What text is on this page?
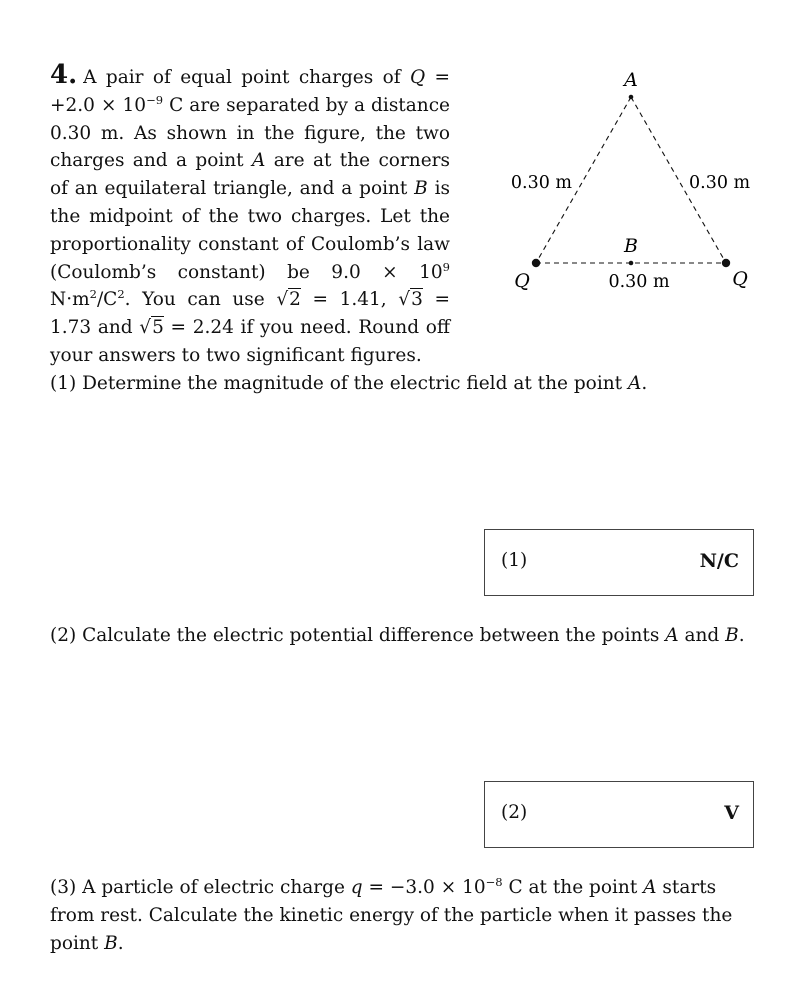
4. A pair of equal point charges of $Q = +2.0 \times 10^{-9}$ C are separated by a distance 0.30 m. As shown in the figure, the two charges and a point A are at the corners of an equilateral triangle, and a point B is the midpoint of the two charges. Let the proportionality constant of Coulomb’s law (Coulomb’s constant) be $9.0 \times 10^9$ $N\cdot m^2/C^2$. You can use √2 = 1.41, √3 = 1.73 and √5 = 2.24 if you need. Round off your answers to two significant figures.
A
B
Q	Q
0.30 m	0.30 m
0.30 m
(1) Determine the magnitude of the electric field at the point A.
(1)	N/C
(2) Calculate the electric potential difference between the points A and B.
(2)	V
(3) A particle of electric charge $q = -3.0 \times 10^{-8}$ C at the point A starts from rest. Calculate the kinetic energy of the particle when it passes the point B.
